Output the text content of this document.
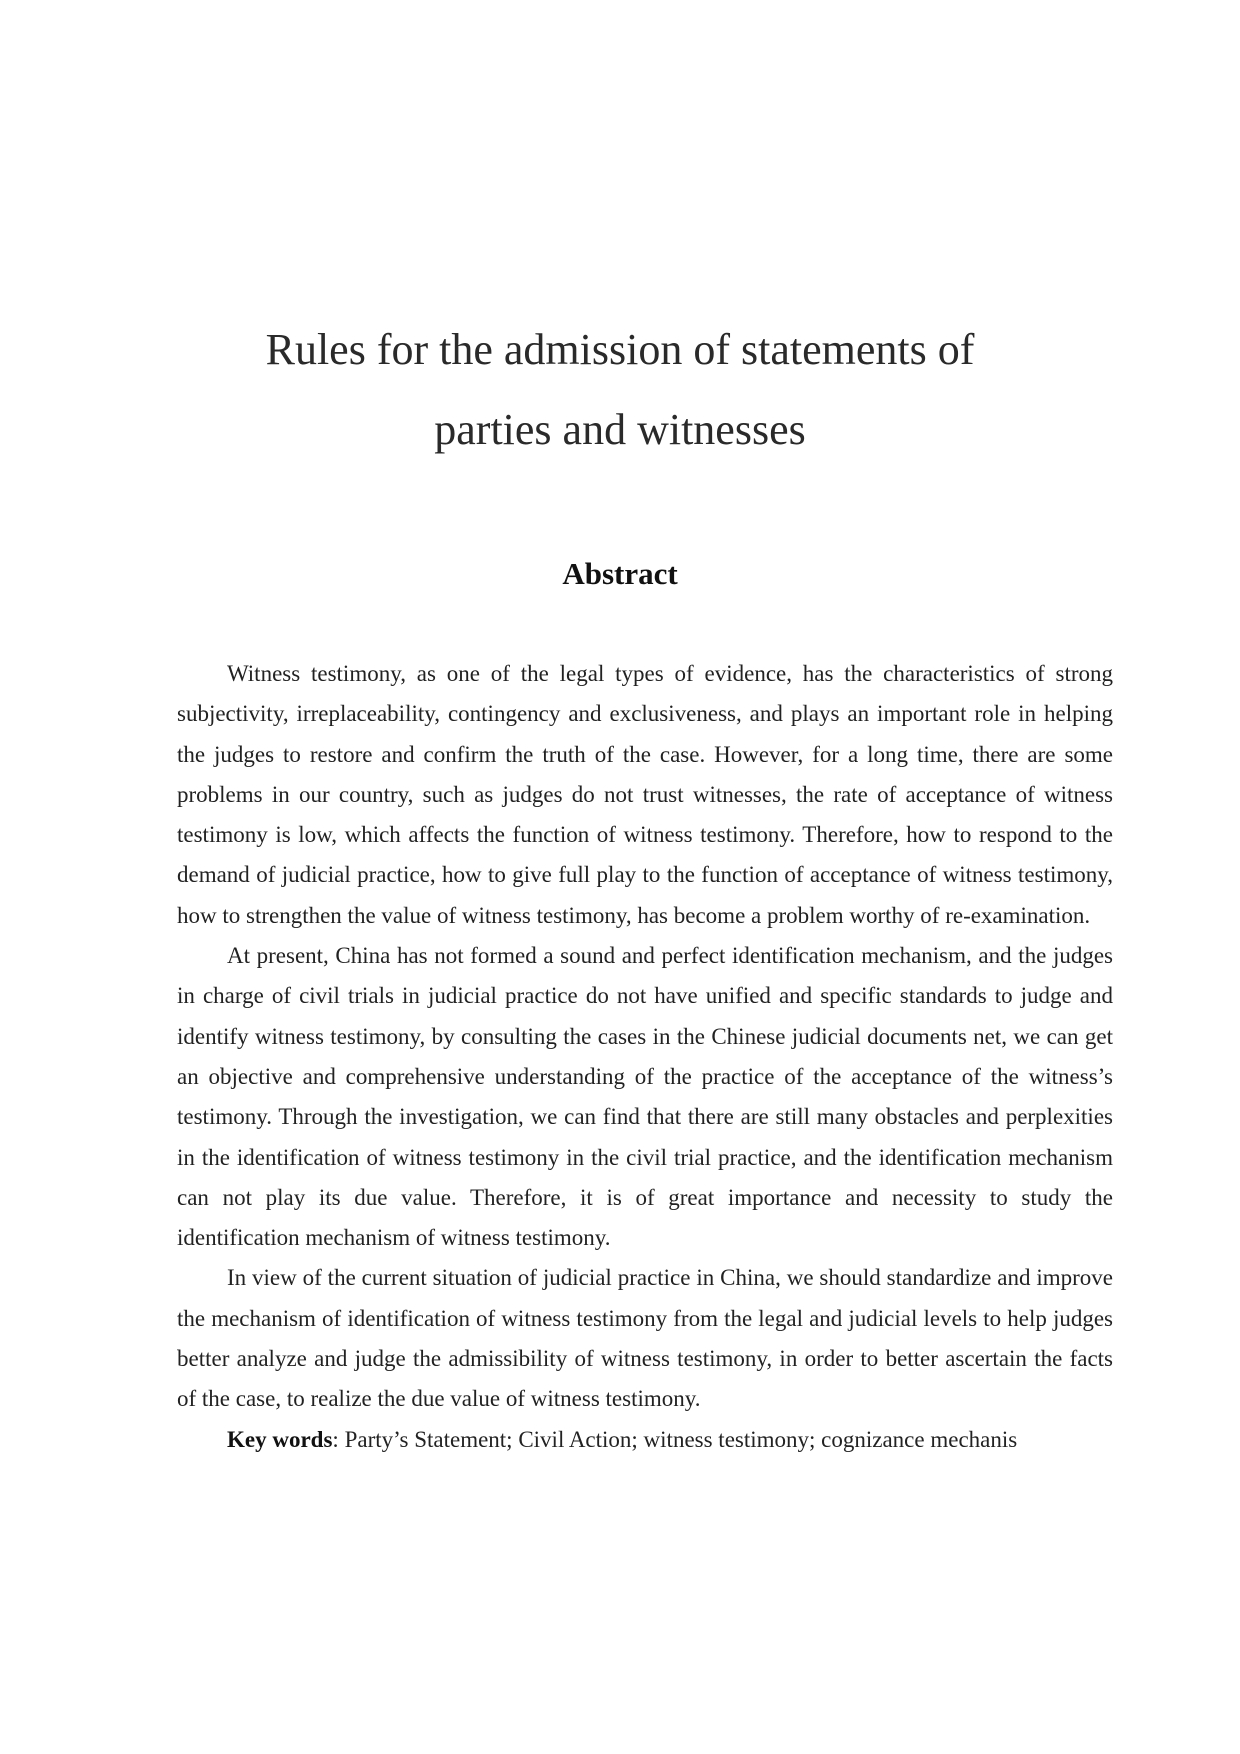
Rules for the admission of statements of
parties and witnesses
Abstract

Witness testimony, as one of the legal types of evidence, has the characteristics of strong subjectivity, irreplaceability, contingency and exclusiveness, and plays an important role in helping the judges to restore and confirm the truth of the case. However, for a long time, there are some problems in our country, such as judges do not trust witnesses, the rate of acceptance of witness testimony is low, which affects the function of witness testimony. Therefore, how to respond to the demand of judicial practice, how to give full play to the function of acceptance of witness testimony, how to strengthen the value of witness testimony, has become a problem worthy of re-examination.

At present, China has not formed a sound and perfect identification mechanism, and the judges in charge of civil trials in judicial practice do not have unified and specific standards to judge and identify witness testimony, by consulting the cases in the Chinese judicial documents net, we can get an objective and comprehensive understanding of the practice of the acceptance of the witness’s testimony. Through the investigation, we can find that there are still many obstacles and perplexities in the identification of witness testimony in the civil trial practice, and the identification mechanism can not play its due value. Therefore, it is of great importance and necessity to study the identification mechanism of witness testimony.

In view of the current situation of judicial practice in China, we should standardize and improve the mechanism of identification of witness testimony from the legal and judicial levels to help judges better analyze and judge the admissibility of witness testimony, in order to better ascertain the facts of the case, to realize the due value of witness testimony.

Key words: Party’s Statement; Civil Action; witness testimony; cognizance mechanis
